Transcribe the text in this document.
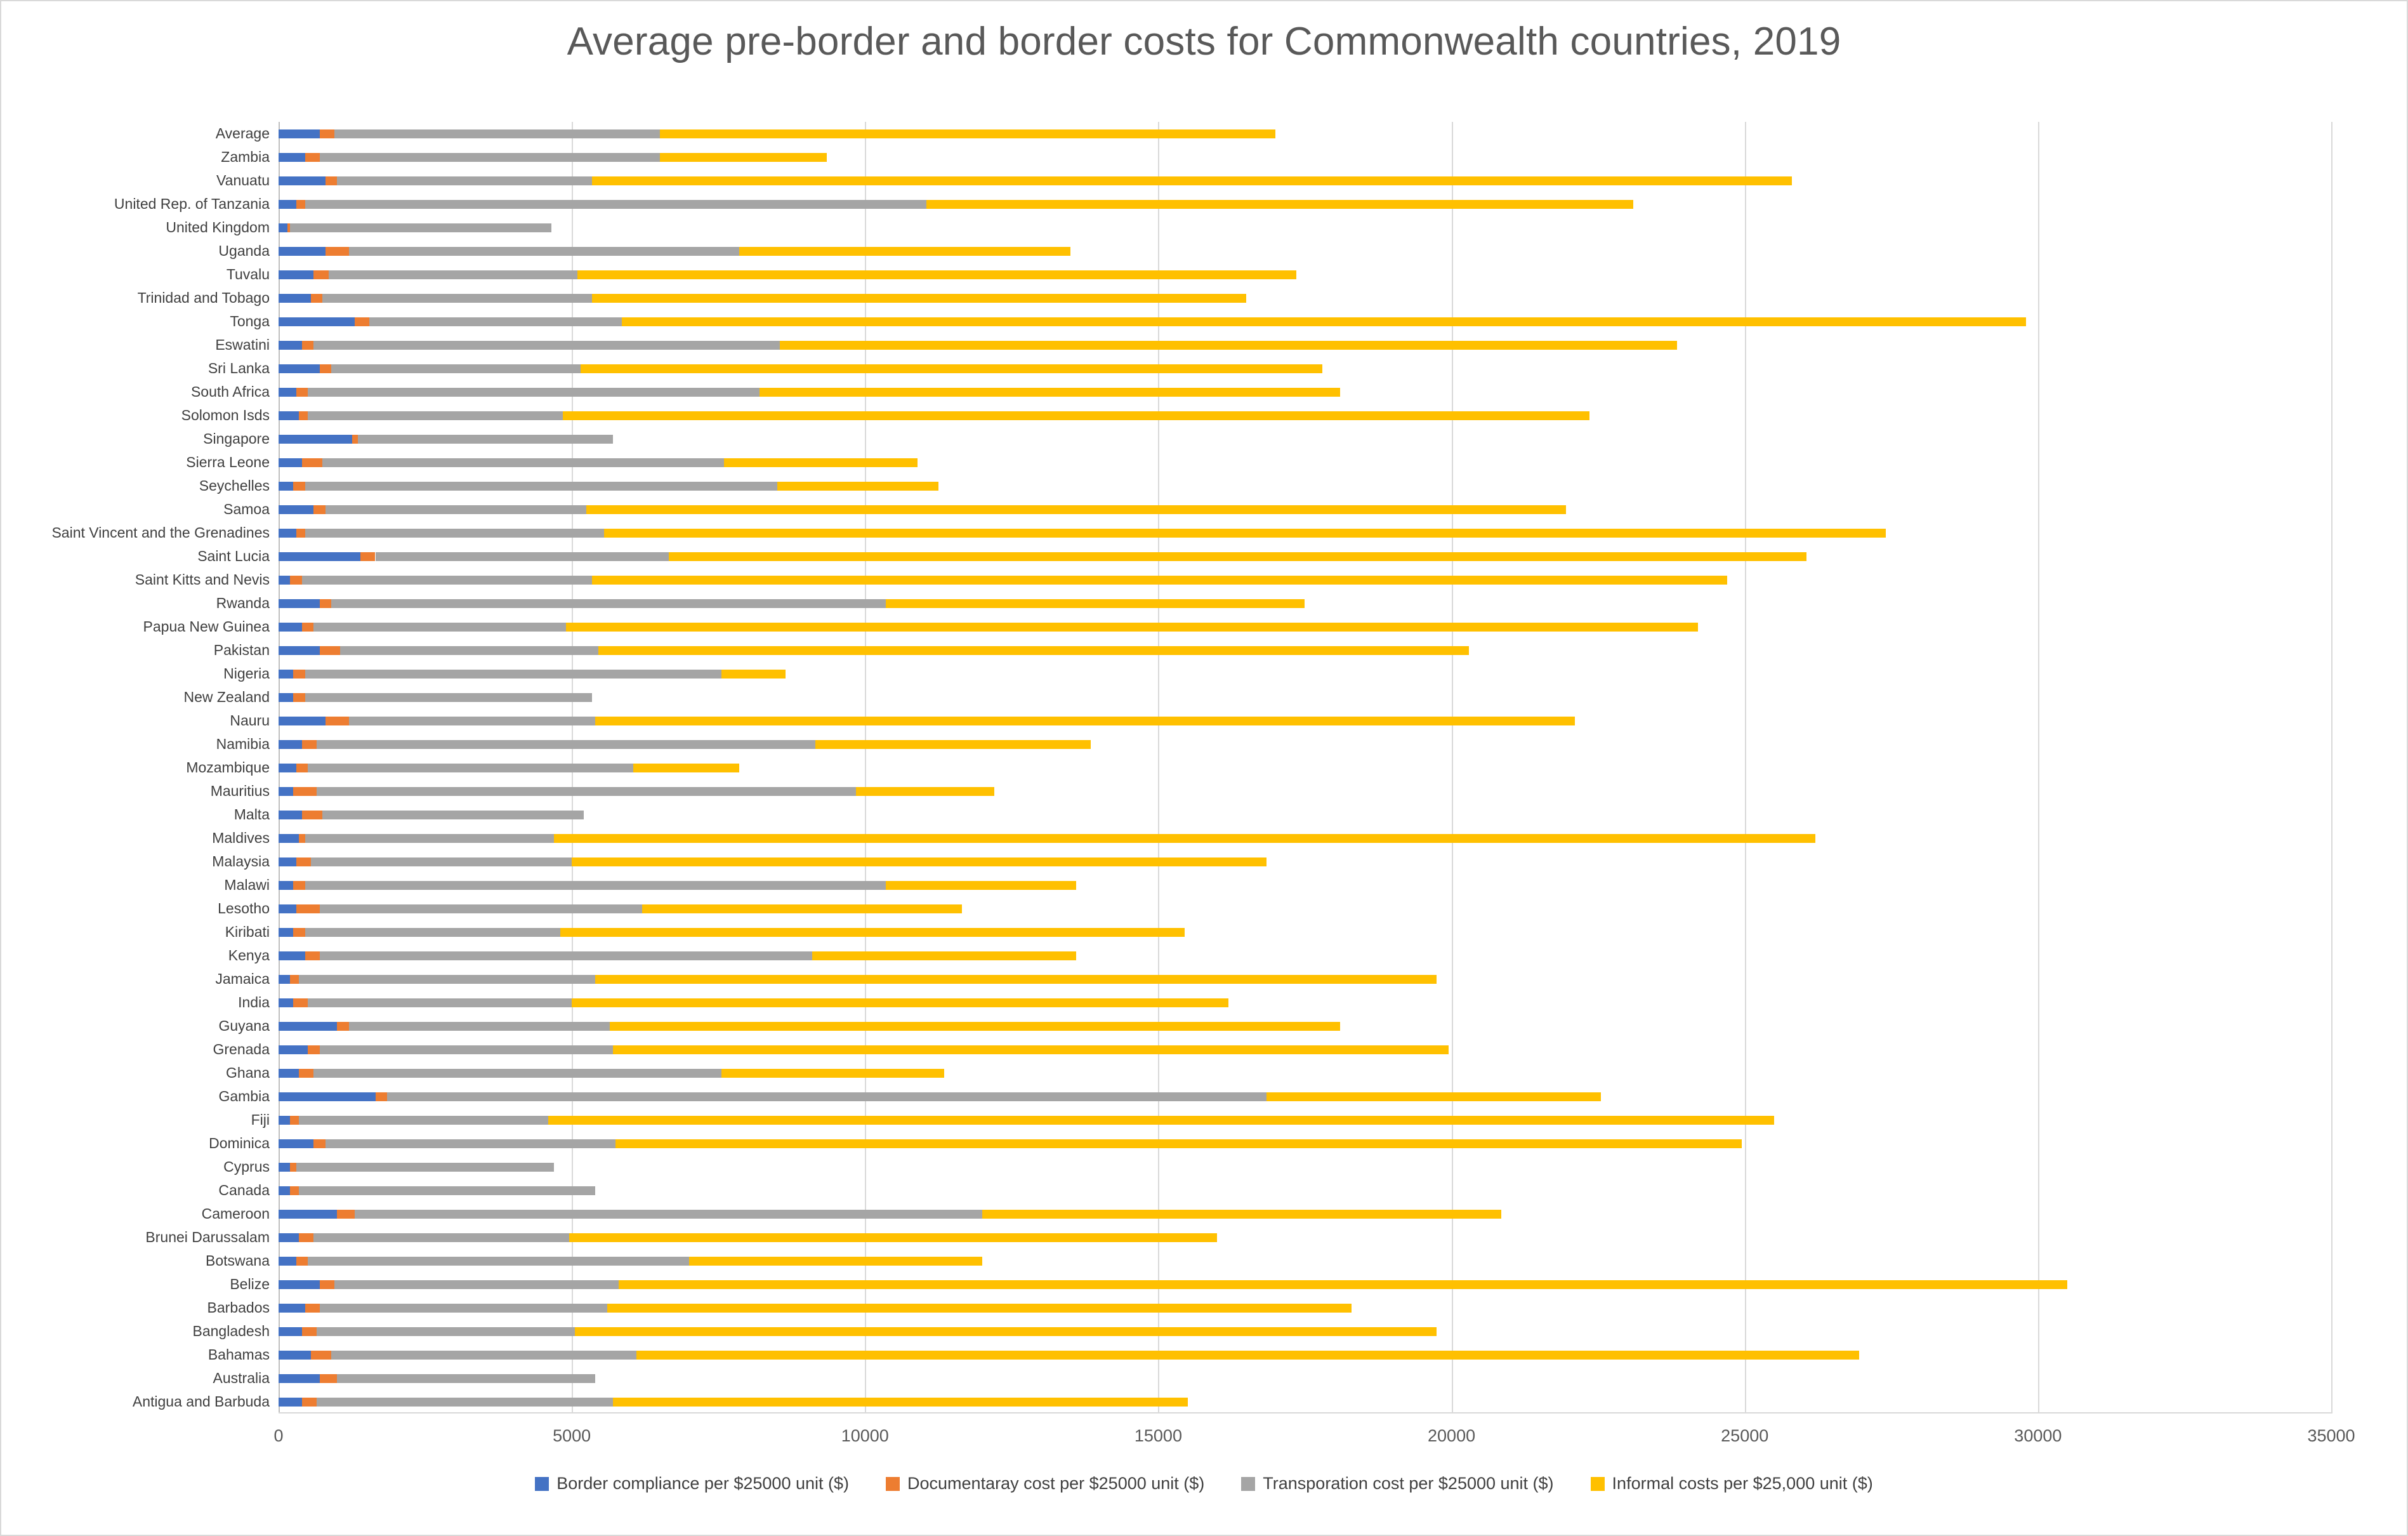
Average pre-border and border costs for Commonwealth countries, 2019
Average
Zambia
Vanuatu
United Rep. of Tanzania
United Kingdom
Uganda
Tuvalu
Trinidad and Tobago
Tonga
Eswatini
Sri Lanka
South Africa
Solomon Isds
Singapore
Sierra Leone
Seychelles
Samoa
Saint Vincent and the Grenadines
Saint Lucia
Saint Kitts and Nevis
Rwanda
Papua New Guinea
Pakistan
Nigeria
New Zealand
Nauru
Namibia
Mozambique
Mauritius
Malta
Maldives
Malaysia
Malawi
Lesotho
Kiribati
Kenya
Jamaica
India
Guyana
Grenada
Ghana
Gambia
Fiji
Dominica
Cyprus
Canada
Cameroon
Brunei Darussalam
Botswana
Belize
Barbados
Bangladesh
Bahamas
Australia
Antigua and Barbuda
0	5000	10000	15000	20000	25000	30000	35000
Border compliance per $25000 unit ($)	Documentaray cost per $25000 unit ($)	Transporation cost per $25000 unit ($)	Informal costs per $25,000 unit ($)
